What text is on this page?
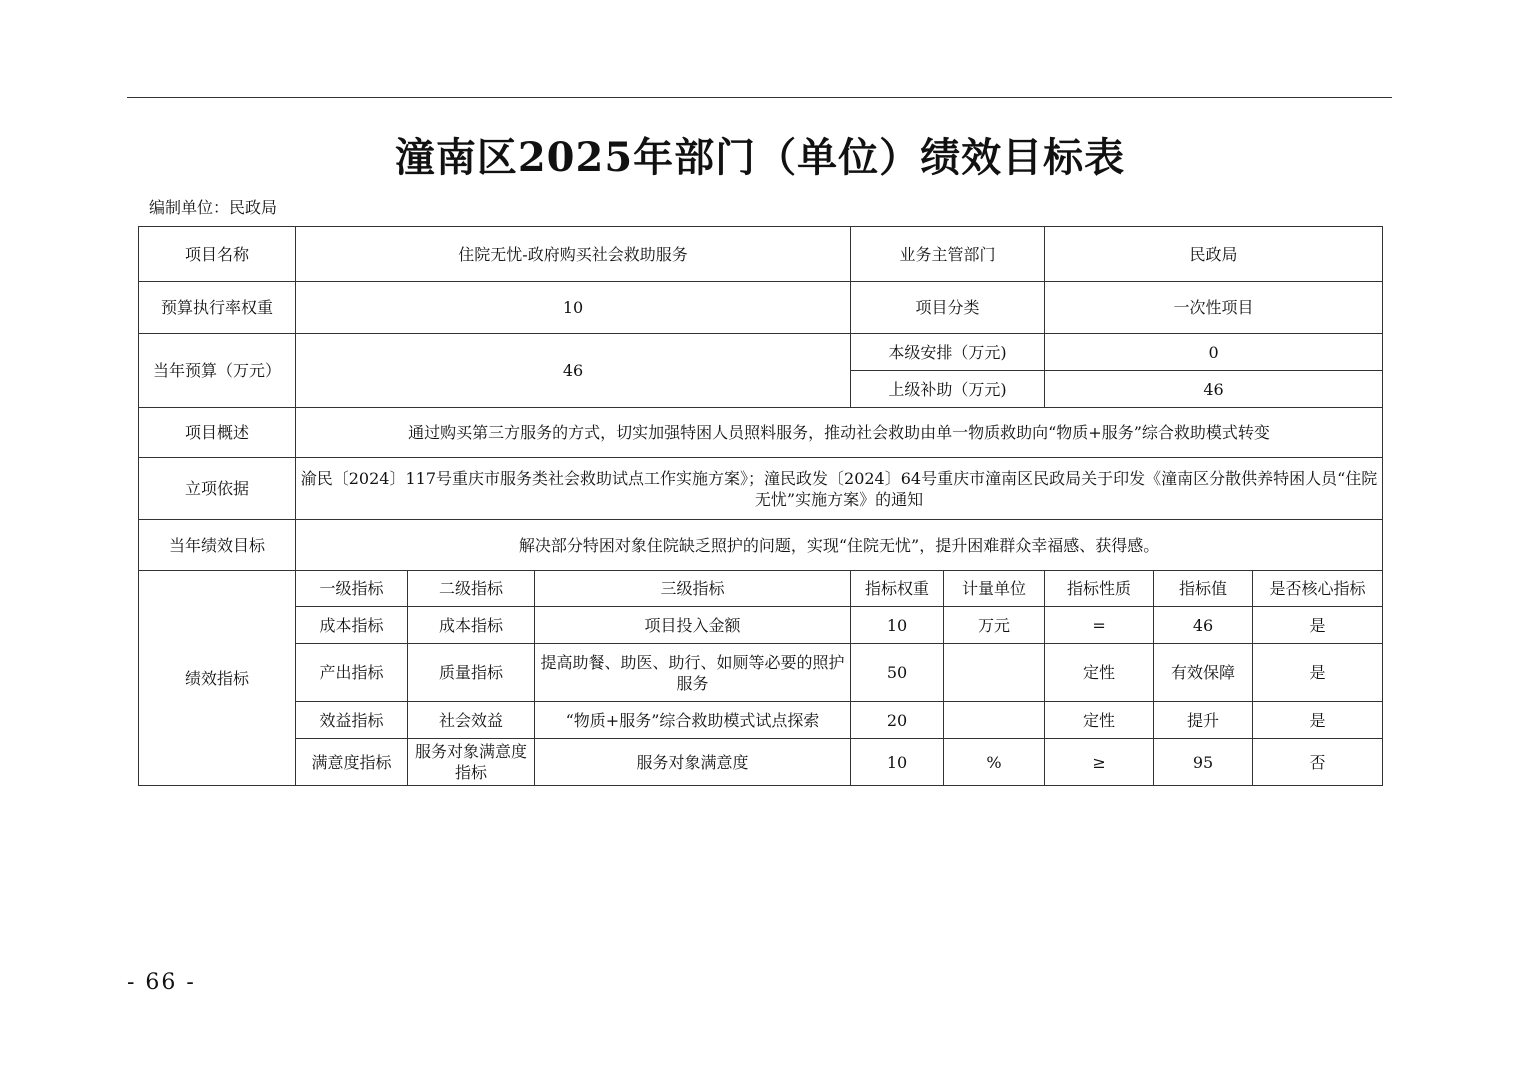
潼南区2025年部门（单位）绩效目标表
编制单位：民政局
项目名称	住院无忧-政府购买社会救助服务			业务主管部门		民政局		
预算执行率权重	10			项目分类		一次性项目		
当年预算（万元）	46			本级安排（万元)		0		
				上级补助（万元)		46		
项目概述	通过购买第三方服务的方式，切实加强特困人员照料服务，推动社会救助由单一物质救助向“物质+服务”综合救助模式转变							
立项依据	渝民〔2024〕117号重庆市服务类社会救助试点工作实施方案》；潼民政发〔2024〕64号重庆市潼南区民政局关于印发《潼南区分散供养特困人员“住院无忧”实施方案》的通知							
当年绩效目标	解决部分特困对象住院缺乏照护的问题，实现“住院无忧”，提升困难群众幸福感、获得感。							
绩效指标	一级指标	二级指标	三级指标	指标权重	计量单位	指标性质	指标值	是否核心指标
	成本指标	成本指标	项目投入金额	10	万元	=	46	是
	产出指标	质量指标	提高助餐、助医、助行、如厕等必要的照护服务	50		定性	有效保障	是
	效益指标	社会效益	“物质+服务”综合救助模式试点探索	20		定性	提升	是
	满意度指标	服务对象满意度指标	服务对象满意度	10	%	≥	95	否
- 66 -
